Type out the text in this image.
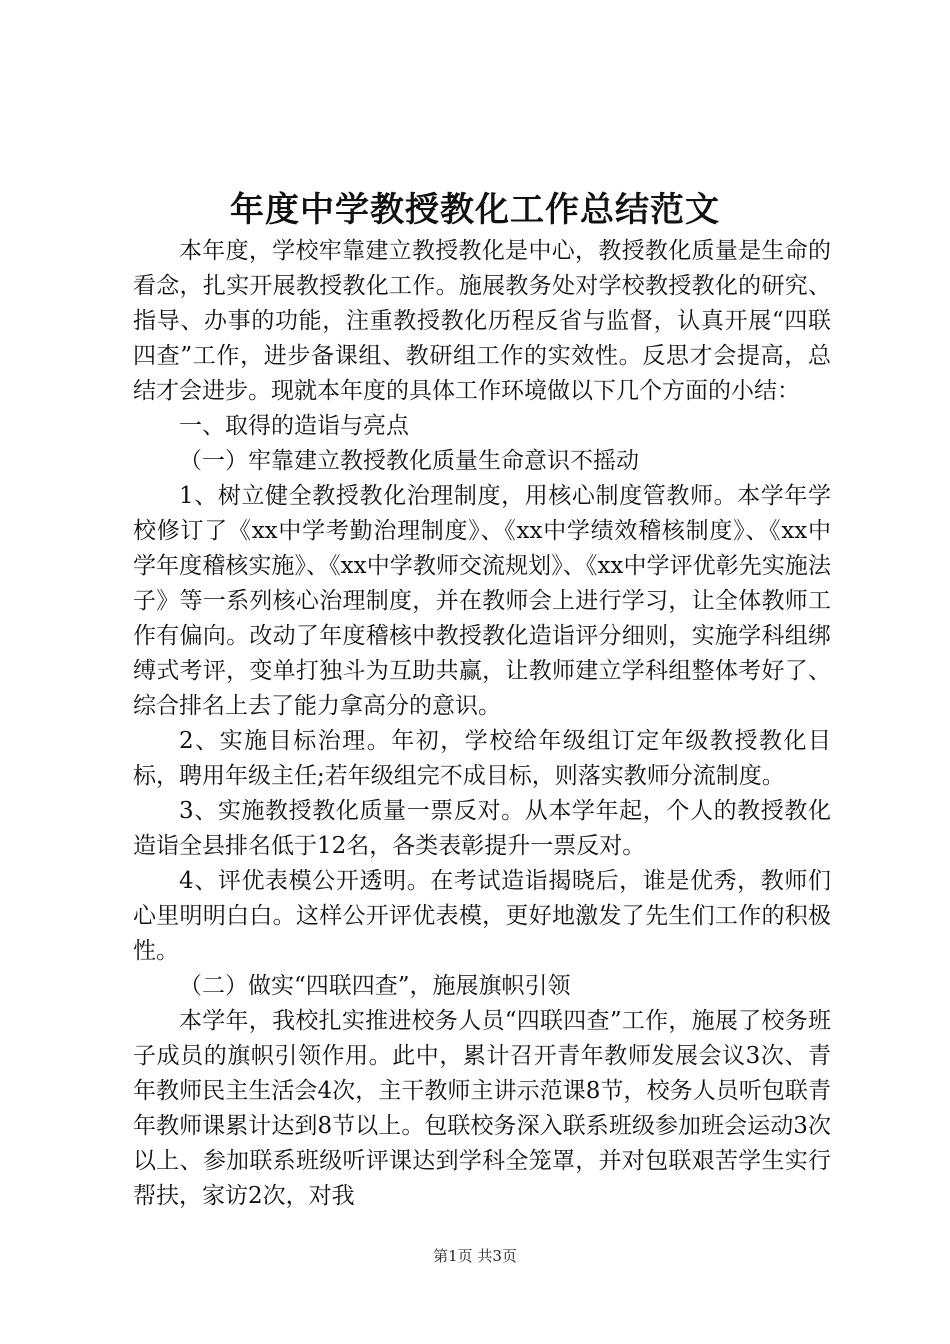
年度中学教授教化工作总结范文

本年度，学校牢靠建立教授教化是中心，教授教化质量是生命的看念，扎实开展教授教化工作。施展教务处对学校教授教化的研究、指导、办事的功能，注重教授教化历程反省与监督，认真开展“四联四查”工作，进步备课组、教研组工作的实效性。反思才会提高，总结才会进步。现就本年度的具体工作环境做以下几个方面的小结：

一、取得的造诣与亮点

（一）牢靠建立教授教化质量生命意识不摇动

1、树立健全教授教化治理制度，用核心制度管教师。本学年学校修订了《xx中学考勤治理制度》、《xx中学绩效稽核制度》、《xx中学年度稽核实施》、《xx中学教师交流规划》、《xx中学评优彰先实施法子》等一系列核心治理制度，并在教师会上进行学习，让全体教师工作有偏向。改动了年度稽核中教授教化造诣评分细则，实施学科组绑缚式考评，变单打独斗为互助共赢，让教师建立学科组整体考好了、综合排名上去了能力拿高分的意识。

2、实施目标治理。年初，学校给年级组订定年级教授教化目标，聘用年级主任;若年级组完不成目标，则落实教师分流制度。

3、实施教授教化质量一票反对。从本学年起，个人的教授教化造诣全县排名低于12名，各类表彰提升一票反对。

4、评优表模公开透明。在考试造诣揭晓后，谁是优秀，教师们心里明明白白。这样公开评优表模，更好地激发了先生们工作的积极性。

（二）做实“四联四查”，施展旗帜引领

本学年，我校扎实推进校务人员“四联四查”工作，施展了校务班子成员的旗帜引领作用。此中，累计召开青年教师发展会议3次、青年教师民主生活会4次，主干教师主讲示范课8节，校务人员听包联青年教师课累计达到8节以上。包联校务深入联系班级参加班会运动3次以上、参加联系班级听评课达到学科全笼罩，并对包联艰苦学生实行帮扶，家访2次，对我

第1页 共3页
